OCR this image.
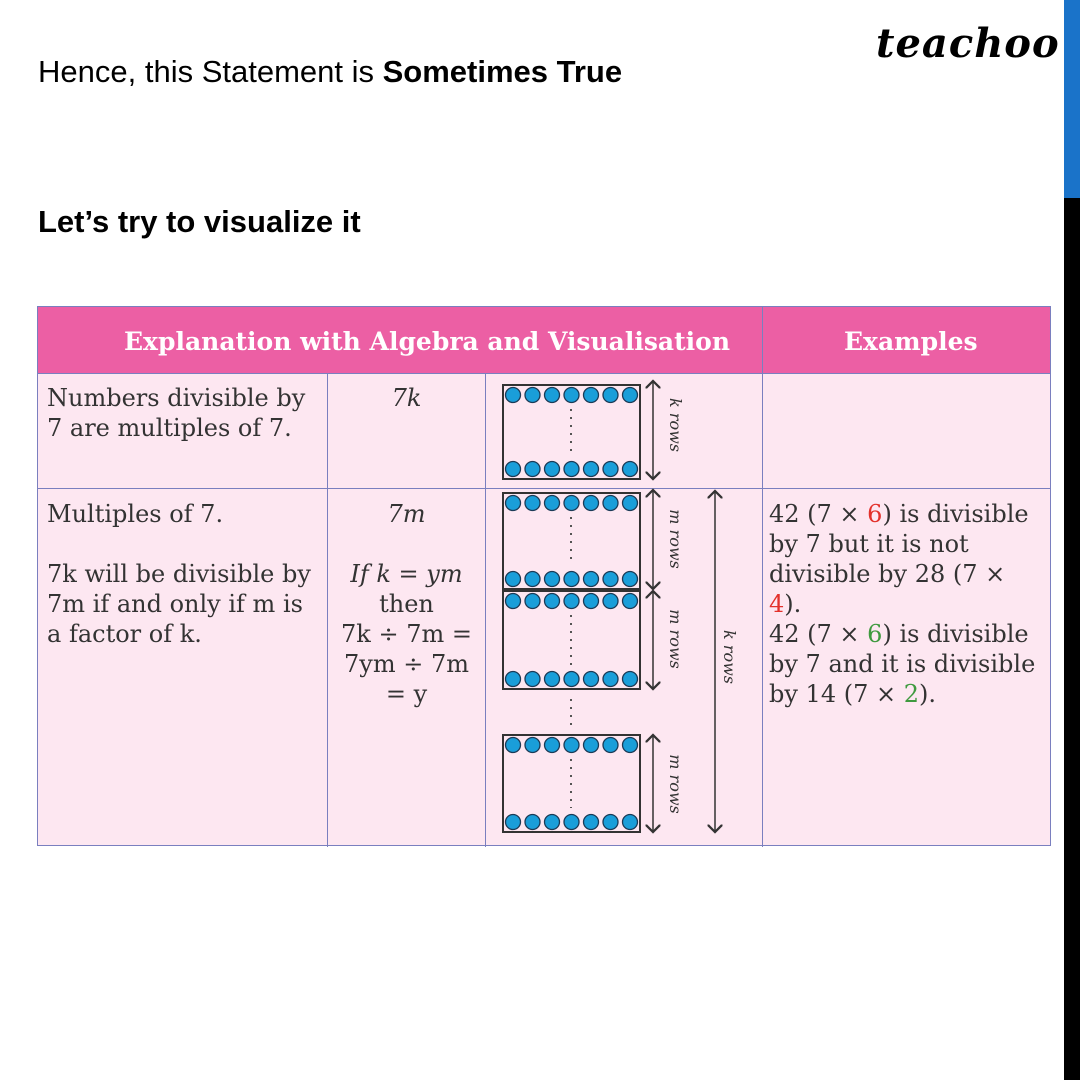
teachoo
Hence, this Statement is Sometimes True
Let’s try to visualize it
Explanation with Algebra and Visualisation	Examples
Numbers divisible by 7 are multiples of 7.
7k
Multiples of 7.
7k will be divisible by 7m if and only if m is a factor of k.
7m
If k = ym
then
7k ÷ 7m =
7ym ÷ 7m
= y
42 (7 × 6) is divisible by 7 but it is not divisible by 28 (7 × 4).
42 (7 × 6) is divisible by 7 and it is divisible by 14 (7 × 2).
k rows
m rows
m rows
m rows
k rows
